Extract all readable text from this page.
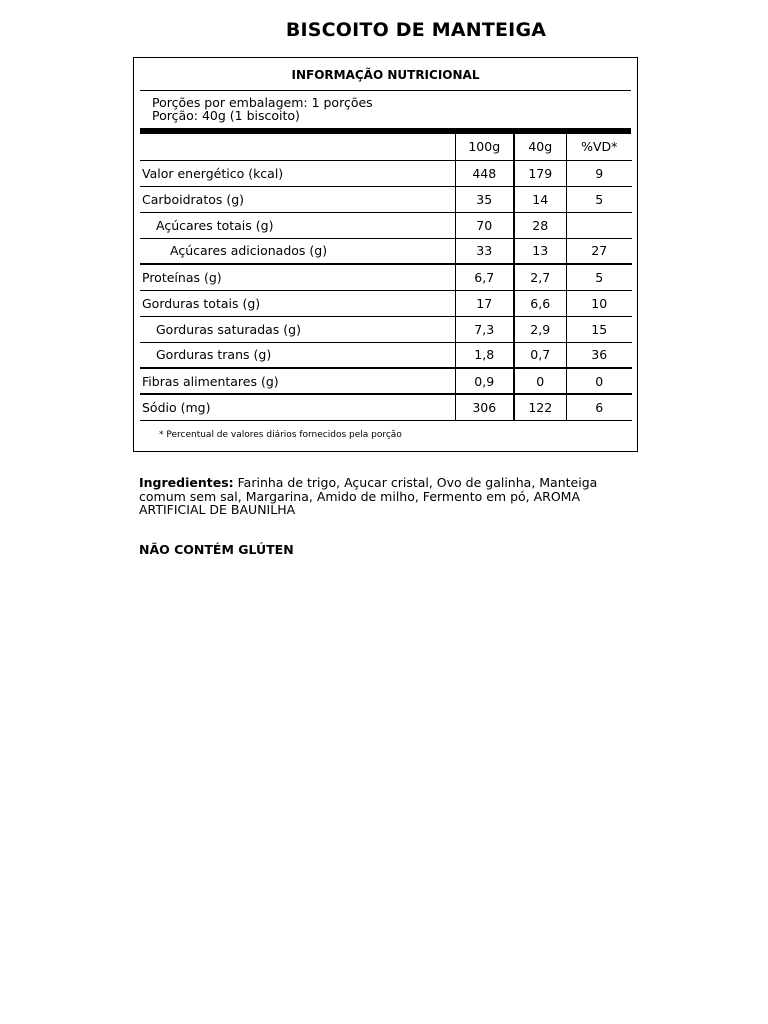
BISCOITO DE MANTEIGA
INFORMAÇÃO NUTRICIONAL
Porções por embalagem: 1 porções
Porção: 40g (1 biscoito)
	100g	40g	%VD*
Valor energético (kcal)	448	179	9
Carboidratos (g)	35	14	5
Açúcares totais (g)	70	28	
Açúcares adicionados (g)	33	13	27
Proteínas (g)	6,7	2,7	5
Gorduras totais (g)	17	6,6	10
Gorduras saturadas (g)	7,3	2,9	15
Gorduras trans (g)	1,8	0,7	36
Fibras alimentares (g)	0,9	0	0
Sódio (mg)	306	122	6
* Percentual de valores diários fornecidos pela porção
Ingredientes: Farinha de trigo, Açucar cristal, Ovo de galinha, Manteiga comum sem sal, Margarina, Amido de milho, Fermento em pó, AROMA ARTIFICIAL DE BAUNILHA
NÃO CONTÉM GLÚTEN
